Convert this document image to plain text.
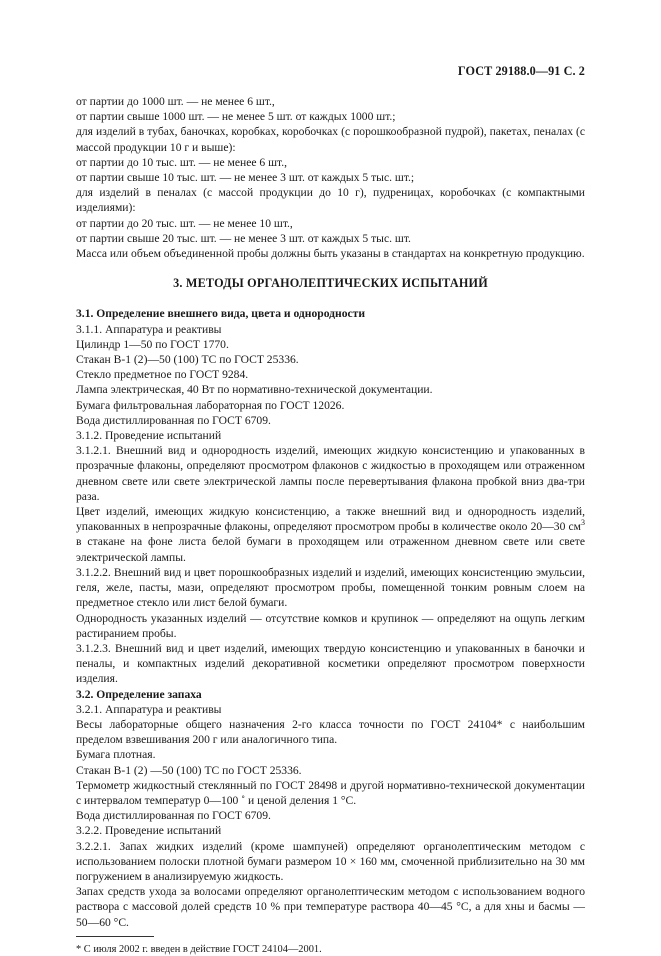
ГОСТ 29188.0—91 С. 2

от партии до 1000 шт. — не менее 6 шт.,

от партии свыше 1000 шт. — не менее 5 шт. от каждых 1000 шт.;

для изделий в тубах, баночках, коробках, коробочках (с порошкообразной пудрой), пакетах, пеналах (с массой продукции 10 г и выше):

от партии до 10 тыс. шт. — не менее 6 шт.,

от партии свыше 10 тыс. шт. — не менее 3 шт. от каждых 5 тыс. шт.;

для изделий в пеналах (с массой продукции до 10 г), пудреницах, коробочках (с компактными изделиями):

от партии до 20 тыс. шт. — не менее 10 шт.,

от партии свыше 20 тыс. шт. — не менее 3 шт. от каждых 5 тыс. шт.

Масса или объем объединенной пробы должны быть указаны в стандартах на конкретную продукцию.

3. МЕТОДЫ ОРГАНОЛЕПТИЧЕСКИХ ИСПЫТАНИЙ

3.1. Определение внешнего вида, цвета и однородности

3.1.1. Аппаратура и реактивы

Цилиндр 1—50 по ГОСТ 1770.

Стакан В-1 (2)—50 (100) ТС по ГОСТ 25336.

Стекло предметное по ГОСТ 9284.

Лампа электрическая, 40 Вт по нормативно-технической документации.

Бумага фильтровальная лабораторная по ГОСТ 12026.

Вода дистиллированная по ГОСТ 6709.

3.1.2. Проведение испытаний

3.1.2.1. Внешний вид и однородность изделий, имеющих жидкую консистенцию и упакованных в прозрачные флаконы, определяют просмотром флаконов с жидкостью в проходящем или отраженном дневном свете или свете электрической лампы после перевертывания флакона пробкой вниз два-три раза.

Цвет изделий, имеющих жидкую консистенцию, а также внешний вид и однородность изделий, упакованных в непрозрачные флаконы, определяют просмотром пробы в количестве около 20—30 $см^3$ в стакане на фоне листа белой бумаги в проходящем или отраженном дневном свете или свете электрической лампы.

3.1.2.2. Внешний вид и цвет порошкообразных изделий и изделий, имеющих консистенцию эмульсии, геля, желе, пасты, мази, определяют просмотром пробы, помещенной тонким ровным слоем на предметное стекло или лист белой бумаги.

Однородность указанных изделий — отсутствие комков и крупинок — определяют на ощупь легким растиранием пробы.

3.1.2.3. Внешний вид и цвет изделий, имеющих твердую консистенцию и упакованных в баночки и пеналы, и компактных изделий декоративной косметики определяют просмотром поверхности изделия.

3.2. Определение запаха

3.2.1. Аппаратура и реактивы

Весы лабораторные общего назначения 2-го класса точности по ГОСТ 24104* с наибольшим пределом взвешивания 200 г или аналогичного типа.

Бумага плотная.

Стакан В-1 (2) —50 (100) ТС по ГОСТ 25336.

Термометр жидкостный стеклянный по ГОСТ 28498 и другой нормативно-технической документации с интервалом температур 0—100 ˚ и ценой деления 1 °С.

Вода дистиллированная по ГОСТ 6709.

3.2.2. Проведение испытаний

3.2.2.1. Запах жидких изделий (кроме шампуней) определяют органолептическим методом с использованием полоски плотной бумаги размером 10 × 160 мм, смоченной приблизительно на 30 мм погружением в анализируемую жидкость.

Запах средств ухода за волосами определяют органолептическим методом с использованием водного раствора с массовой долей средств 10 % при температуре раствора 40—45 °С, а для хны и басмы — 50—60 °С.

* С июля 2002 г. введен в действие ГОСТ 24104—2001.
